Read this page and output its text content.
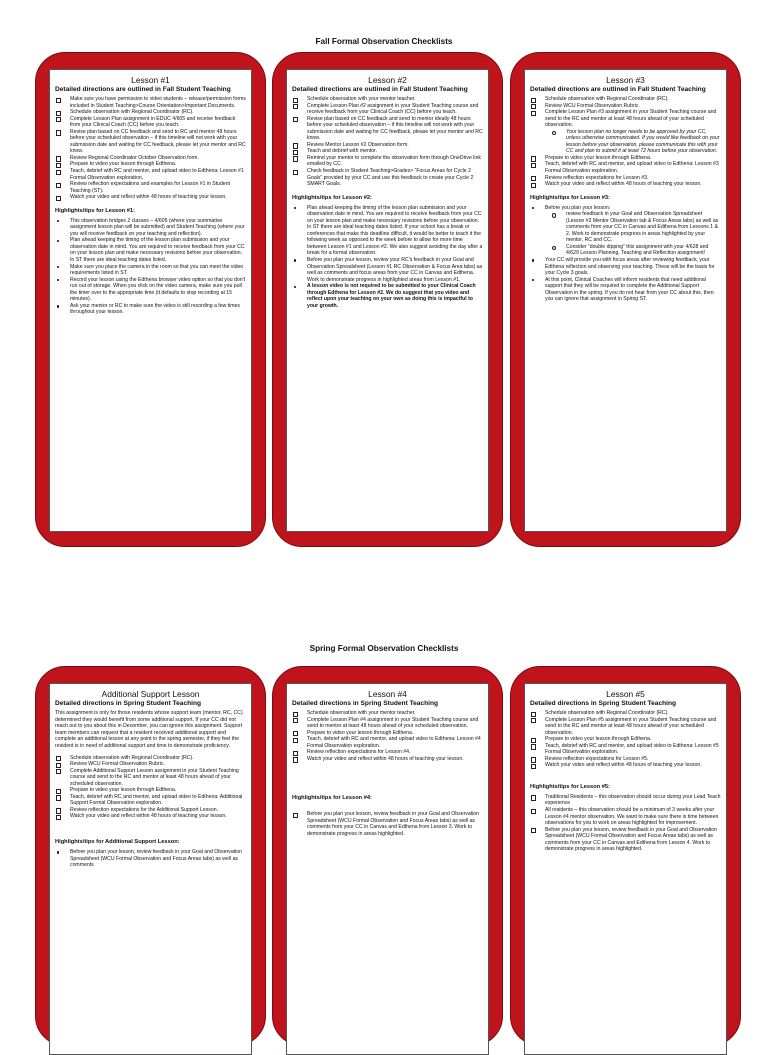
Fall Formal Observation Checklists
Lesson #1
Detailed directions are outlined in Fall Student Teaching
Make sure you have permission to video students – release/permission forms included in Student Teaching>Course Orientation>Important Documents.
Schedule observation with Regional Coordinator (RC).
Complete Lesson Plan assignment in EDUC 4/605 and receive feedback from your Clinical Coach (CC) before you teach.
Revise plan based on CC feedback and send to RC and mentor 48 hours before your scheduled observation – if this timeline will not work with your submission date and waiting for CC feedback, please let your mentor and RC know.
Review Regional Coordinator October Observation form.
Prepare to video your lesson through Edthena.
Teach, debrief with RC and mentor, and upload video to Edthena: Lesson #1 Formal Observation exploration.
Review reflection expectations and examples for Lesson #1 in Student Teaching (ST).
Watch your video and reflect within 48 hours of teaching your lesson.
Highlights/tips for Lesson #1:
This observation bridges 2 classes – 4/605 (where your summative assignment lesson plan will be submitted) and Student Teaching (where your you will receive feedback on your teaching and reflection).
Plan ahead keeping the timing of the lesson plan submission and your observation date in mind. You are required to receive feedback from your CC on your lesson plan and make necessary revisions before your observation. In ST there are ideal teaching dates listed.
Make sure you place the camera in the room so that you can meet the video requirements listed in ST.
Record your lesson using the Edthena browser video option so that you don't run out of storage. When you click on the video camera, make sure you pull the timer over to the appropriate time (it defaults to stop recording at 15 minutes).
Ask your mentor or RC to make sure the video is still recording a few times throughout your lesson.
Lesson #2
Detailed directions are outlined in Fall Student Teaching
Schedule observation with your mentor teacher.
Complete Lesson Plan #2 assignment in your Student Teaching course and receive feedback from your Clinical Coach (CC) before you teach.
Revise plan based on CC feedback and send to mentor ideally 48 hours before your scheduled observation – if this timeline will not work with your submission date and waiting for CC feedback, please let your mentor and RC know.
Review Mentor Lesson #2 Observation form.
Teach and debrief with mentor.
Remind your mentor to complete the observation form through OneDrive link emailed by CC.
Check feedback in Student Teaching>Grades> “Focus Areas for Cycle 2 Goals” provided by your CC and use this feedback to create your Cycle 2 SMART Goals.
Highlights/tips for Lesson #2:
Plan ahead keeping the timing of the lesson plan submission and your observation date in mind. You are required to receive feedback from your CC on your lesson plan and make necessary revisions before your observation. In ST there are ideal teaching dates listed. If your school has a break or conferences that make this deadline difficult, it would be better to teach it the following week as opposed to the week before to allow for more time between Lesson #1 and Lesson #2. We also suggest avoiding the day after a break for a formal observation.
Before you plan your lesson, review your RC's feedback in your Goal and Observation Spreadsheet (Lesson #1 RC Observation & Focus Area tabs) as well as comments and focus areas from your CC in Canvas and Edthena. Work to demonstrate progress in highlighted areas from Lesson #1.
A lesson video is not required to be submitted to your Clinical Coach through Edthena for Lesson #2. We do suggest that you video and reflect upon your teaching on your own as doing this is impactful to your growth.
Lesson #3
Detailed directions are outlined in Fall Student Teaching
Schedule observation with Regional Coordinator (RC).
Review WCU Formal Observation Rubric.
Complete Lesson Plan #3 assignment in your Student Teaching course and send to the RC and mentor at least 48 hours ahead of your scheduled observation.
Your lesson plan no longer needs to be approved by your CC, unless otherwise communicated. If you would like feedback on your lesson before your observation, please communicate this with your CC and plan to submit it at least 72 hours before your observation.
Prepare to video your lesson through Edthena.
Teach, debrief with RC and mentor, and upload video to Edthena: Lesson #3 Formal Observation exploration.
Review reflection expectations for Lesson #3.
Watch your video and reflect within 48 hours of teaching your lesson.
Highlights/tips for Lesson #3:
Before you plan your lesson:
review feedback in your Goal and Observation Spreadsheet (Lesson #2 Mentor Observation tab & Focus Areas tabs) as well as comments from your CC in Canvas and Edthena from Lessons 1 & 2. Work to demonstrate progress in areas highlighted by your mentor, RC and CC.
Consider “double dipping” this assignment with your 4/628 and 4/629 Lesson Planning, Teaching and Reflection assignment!
Your CC will provide you with focus areas after reviewing feedback, your Edthena reflection and observing your teaching. These will be the basis for your Cycle 3 goals.
At this point, Clinical Coaches will inform residents that need additional support that they will be required to complete the Additional Support Observation in the spring. If you do not hear from your CC about this, then you can ignore that assignment in Spring ST.
Spring Formal Observation Checklists
Additional Support Lesson
Detailed directions in Spring Student Teaching
This assignment is only for those residents whose support team (mentor, RC, CC) determined they would benefit from some additional support. If your CC did not reach out to you about this in December, you can ignore this assignment. Support team members can request that a resident received additional support and complete an additional lesson at any point in the spring semester, if they feel the resident is in need of additional support and time to demonstrate proficiency.
Schedule observation with Regional Coordinator (RC).
Review WCU Formal Observation Rubric.
Complete Additional Support Lesson assignment in your Student Teaching course and send to the RC and mentor at least 48 hours ahead of your scheduled observation.
Prepare to video your lesson through Edthena.
Teach, debrief with RC and mentor, and upload video to Edthena: Additional Support Formal Observation exploration.
Review reflection expectations for the Additional Support Lesson.
Watch your video and reflect within 48 hours of teaching your lesson.
Highlights/tips for Additional Support Lesson:
Before you plan your lesson, review feedback in your Goal and Observation Spreadsheet (WCU Formal Observation and Focus Areas tabs) as well as comments
Lesson #4
Detailed directions in Spring Student Teaching
Schedule observation with your mentor teacher.
Complete Lesson Plan #4 assignment in your Student Teaching course and send to mentor at least 48 hours ahead of your scheduled observation.
Prepare to video your lesson through Edthena.
Teach, debrief with RC and mentor, and upload video to Edthena: Lesson #4 Formal Observation exploration.
Review reflection expectations for Lesson #4.
Watch your video and reflect within 48 hours of teaching your lesson.
Highlights/tips for Lesson #4:
Before you plan your lesson, review feedback in your Goal and Observation Spreadsheet (WCU Formal Observation and Focus Areas tabs) as well as comments from your CC in Canvas and Edthena from Lesson 3. Work to demonstrate progress in areas highlighted.
Lesson #5
Detailed directions in Spring Student Teaching
Schedule observation with Regional Coordinator (RC).
Complete Lesson Plan #5 assignment in your Student Teaching course and send to the RC and mentor at least 48 hours ahead of your scheduled observation.
Prepare to video your lesson through Edthena.
Teach, debrief with RC and mentor, and upload video to Edthena: Lesson #5 Formal Observation exploration.
Review reflection expectations for Lesson #5.
Watch your video and reflect within 48 hours of teaching your lesson.
Highlights/tips for Lesson #5:
Traditional Residents – this observation should occur during your Lead Teach experience
All residents – this observation should be a minimum of 3 weeks after your Lesson #4 mentor observation. We want to make sure there is time between observations for you to work on areas highlighted for improvement.
Before you plan your lesson, review feedback in your Goal and Observation Spreadsheet (WCU Formal Observation and Focus Areas tabs) as well as comments from your CC in Canvas and Edthena from Lesson 4. Work to demonstrate progress in areas highlighted.
